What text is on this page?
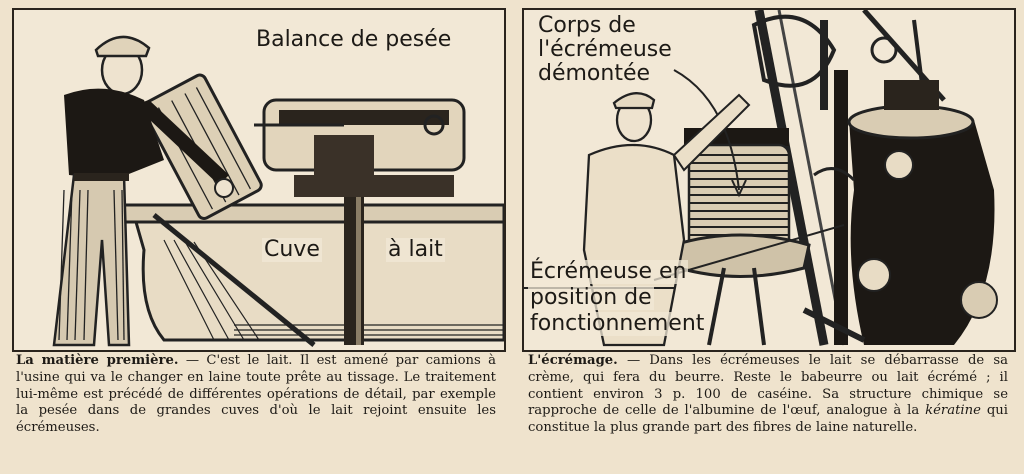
Balance de pesée
Cuve	à lait
Corps de
l'écrémeuse
démontée
Écrémeuse en
position de
fonctionnement
La matière première. — C'est le lait. Il est amené par camions à l'usine qui va le changer en laine toute prête au tissage. Le traitement lui-même est précédé de différentes opérations de détail, par exemple la pesée dans de grandes cuves d'où le lait rejoint ensuite les écrémeuses.
L'écrémage. — Dans les écrémeuses le lait se débarrasse de sa crème, qui fera du beurre. Reste le babeurre ou lait écrémé ; il contient environ 3 p. 100 de caséine. Sa structure chimique se rapproche de celle de l'albumine de l'œuf, analogue à la kératine qui constitue la plus grande part des fibres de laine naturelle.
